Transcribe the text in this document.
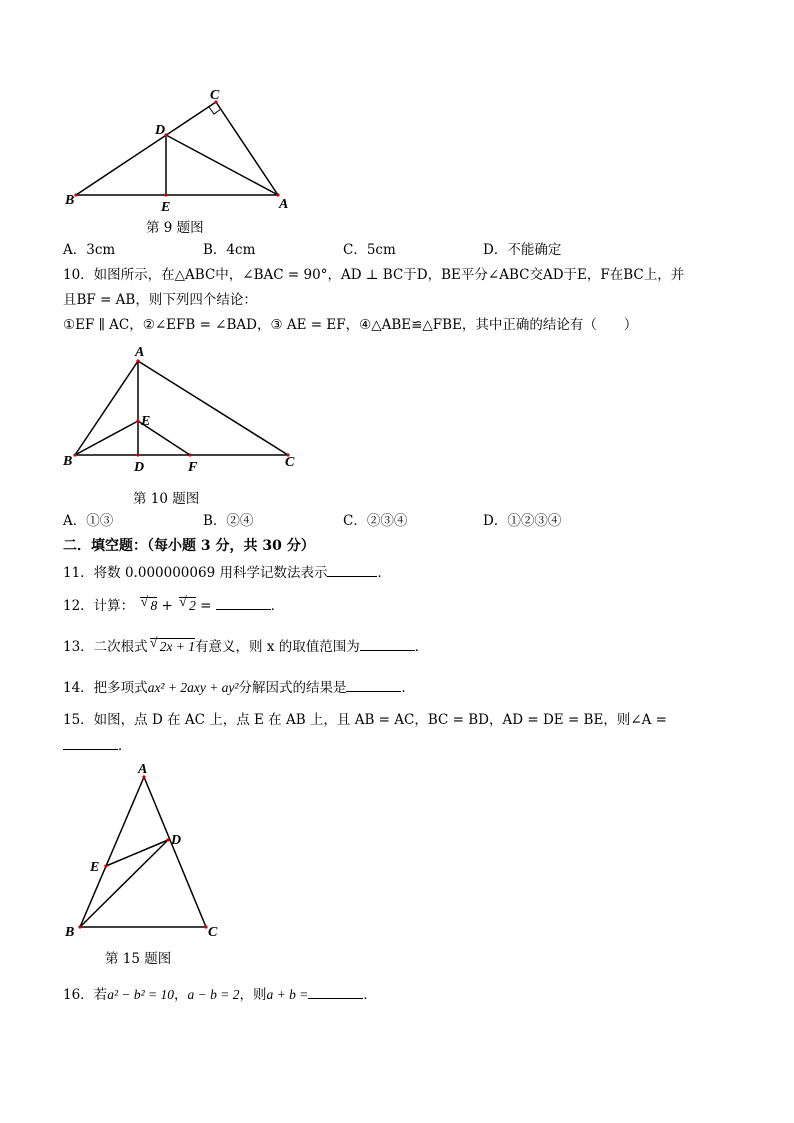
C
D
B	E	A
第 9 题图
A．3cm	B．4cm	C．5cm	D．不能确定
10．如图所示，在△ABC中，∠BAC = 90°，AD ⊥ BC于D，BE平分∠ABC交AD于E，F在BC上，并
且BF = AB，则下列四个结论：
①EF ∥ AC，②∠EFB = ∠BAD，③ AE = EF，④△ABE≌△FBE，其中正确的结论有（　　）
A
E
B	D	F	C
第 10 题图
A．①③	B．②④	C．②③④	D．①②③④
二．填空题：（每小题 3 分，共 30 分）
11．将数 0.000000069 用科学记数法表示	．
12．计算： √ 8 + √ 2 =	．
13．二次根式 √ 2x + 1有意义，则 x 的取值范围为	．
14．把多项式ax² + 2axy + ay²分解因式的结果是	．
15．如图，点 D 在 AC 上，点 E 在 AB 上，且 AB = AC，BC = BD，AD = DE = BE，则∠A =
．
A
D
E
B	C
第 15 题图
16．若a² − b² = 10，a − b = 2，则a + b =	．
